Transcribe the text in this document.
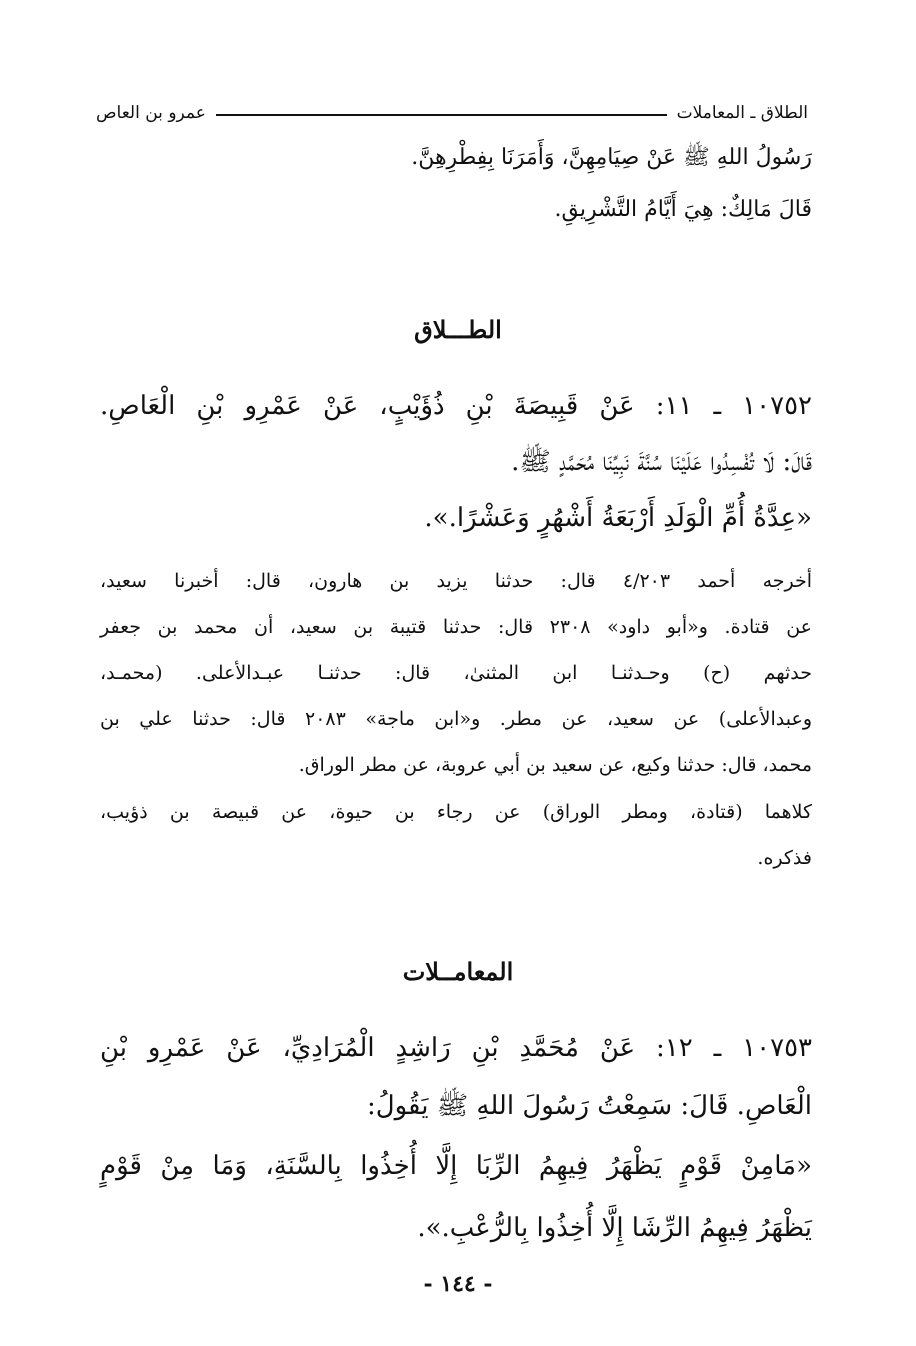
الطلاق ـ المعاملات
عمرو بن العاص
رَسُولُ اللهِ ﷺ عَنْ صِيَامِهِنَّ، وَأَمَرَنَا بِفِطْرِهِنَّ.
قَالَ مَالِكٌ: هِيَ أَيَّامُ التَّشْرِيقِ.
الطـــلاق
١٠٧٥٢ ـ ١١: عَنْ قَبِيصَةَ بْنِ ذُؤَيْبٍ، عَنْ عَمْرِو بْنِ الْعَاصِ.
قَالَ: لَا تُفْسِدُوا عَلَيْنَا سُنَّةَ نَبِيِّنَا مُحَمَّدٍ ﷺ.
«عِدَّةُ أُمِّ الْوَلَدِ أَرْبَعَةُ أَشْهُرٍ وَعَشْرًا.».
أخرجه أحمد ٤/٢٠٣ قال: حدثنا يزيد بن هارون، قال: أخبرنا سعيد،
عن قتادة. و«أبو داود» ٢٣٠٨ قال: حدثنا قتيبة بن سعيد، أن محمد بن جعفر
حدثهم (ح) وحـدثنـا ابن المثنىٰ، قال: حدثنـا عبـدالأعلى. (محمـد،
وعبدالأعلى) عن سعيد، عن مطر. و«ابن ماجة» ٢٠٨٣ قال: حدثنا علي بن
محمد، قال: حدثنا وكيع، عن سعيد بن أبي عروبة، عن مطر الوراق.
كلاهما (قتادة، ومطر الوراق) عن رجاء بن حيوة، عن قبيصة بن ذؤيب،
فذكره.
المعامــلات
١٠٧٥٣ ـ ١٢: عَنْ مُحَمَّدِ بْنِ رَاشِدٍ الْمُرَادِيِّ، عَنْ عَمْرِو بْنِ
الْعَاصِ. قَالَ: سَمِعْتُ رَسُولَ اللهِ ﷺ يَقُولُ:
«مَامِنْ قَوْمٍ يَظْهَرُ فِيهِمُ الرِّبَا إِلَّا أُخِذُوا بِالسَّنَةِ، وَمَا مِنْ قَوْمٍ
يَظْهَرُ فِيهِمُ الرِّشَا إِلَّا أُخِذُوا بِالرُّعْبِ.».
- ١٤٤ -
